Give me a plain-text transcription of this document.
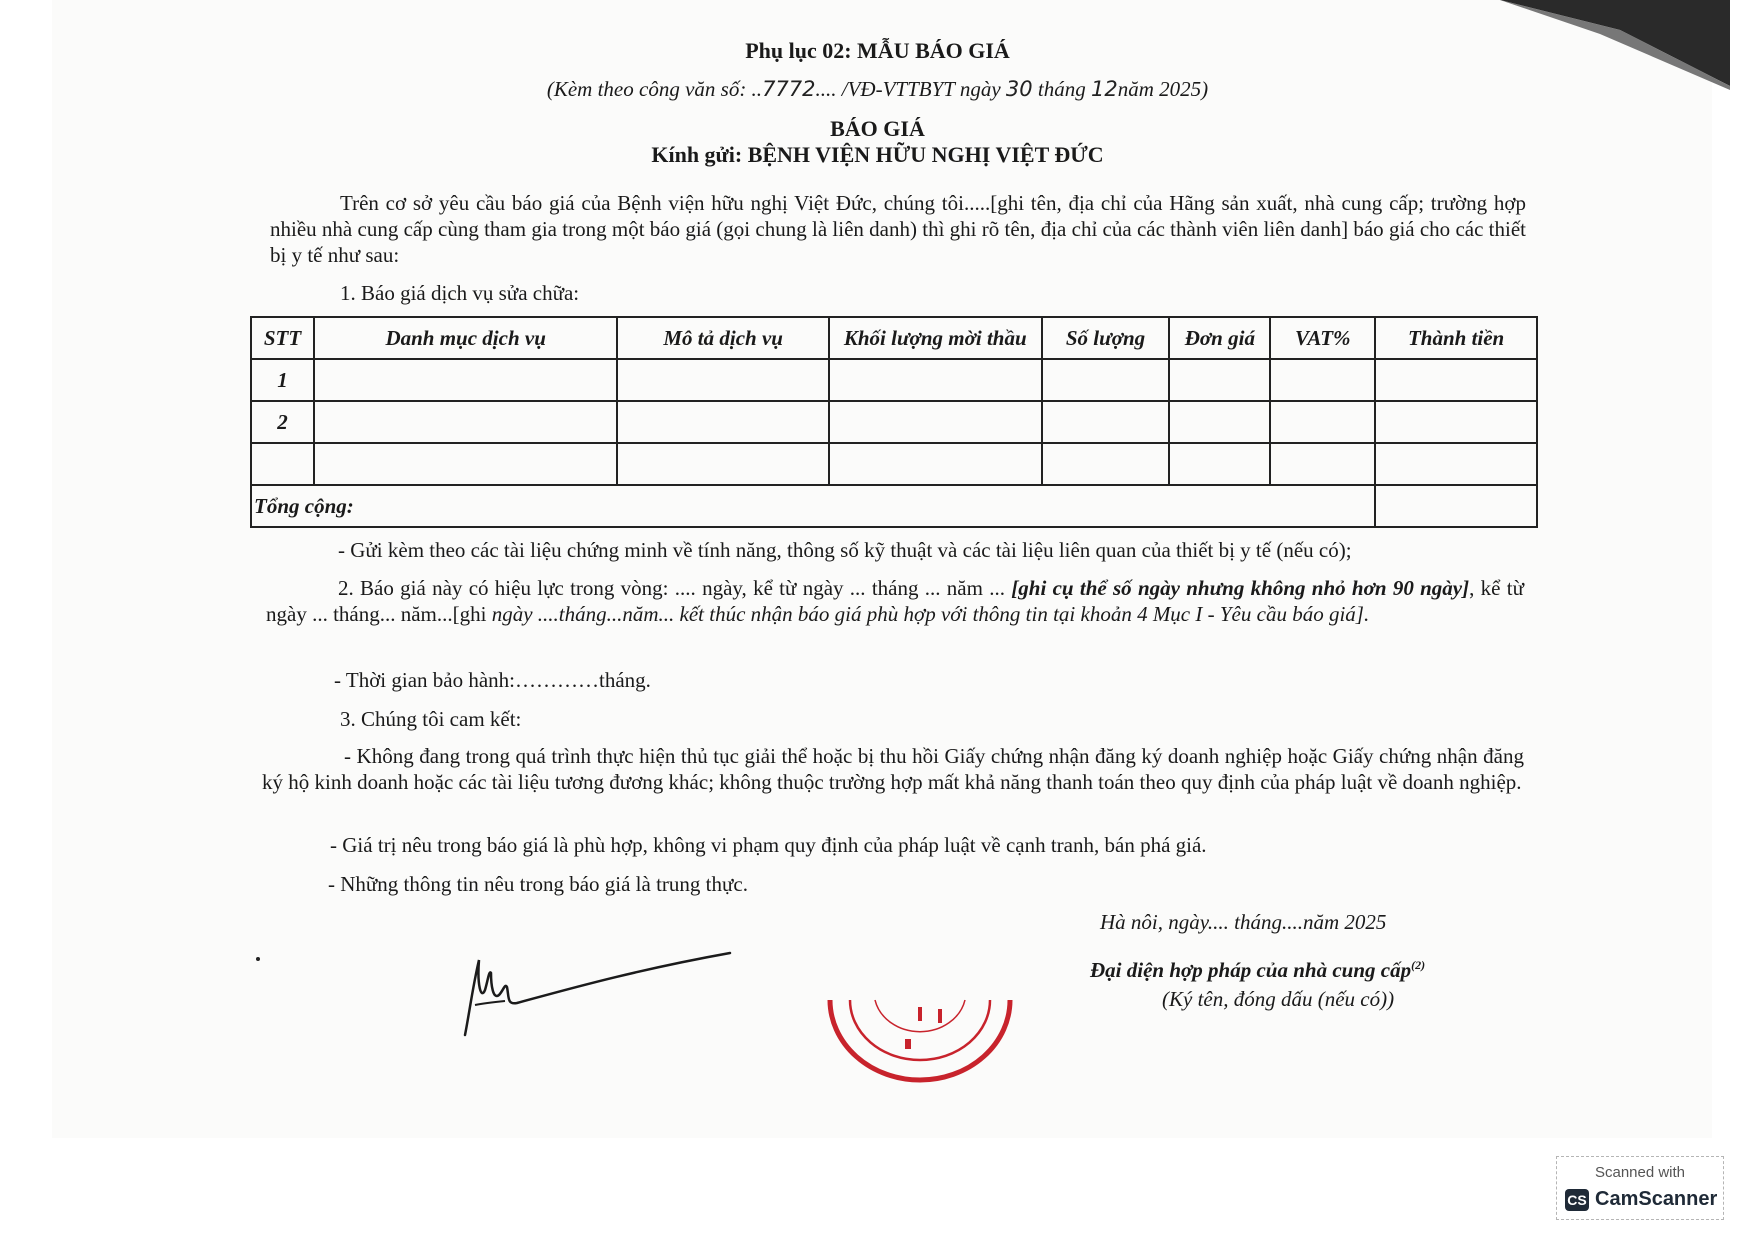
Phụ lục 02: MẪU BÁO GIÁ
(Kèm theo công văn số: ..7772.... /VĐ-VTTBYT ngày 30 tháng 12năm 2025)
BÁO GIÁ
Kính gửi: BỆNH VIỆN HỮU NGHỊ VIỆT ĐỨC
Trên cơ sở yêu cầu báo giá của Bệnh viện hữu nghị Việt Đức, chúng tôi.....[ghi tên, địa chỉ của Hãng sản xuất, nhà cung cấp; trường hợp nhiều nhà cung cấp cùng tham gia trong một báo giá (gọi chung là liên danh) thì ghi rõ tên, địa chỉ của các thành viên liên danh] báo giá cho các thiết bị y tế như sau:
1. Báo giá dịch vụ sửa chữa:
STT	Danh mục dịch vụ	Mô tả dịch vụ	Khối lượng mời thầu	Số lượng	Đơn giá	VAT%	Thành tiền
1							
2							

Tổng cộng:							
- Gửi kèm theo các tài liệu chứng minh về tính năng, thông số kỹ thuật và các tài liệu liên quan của thiết bị y tế (nếu có);
2. Báo giá này có hiệu lực trong vòng: .... ngày, kể từ ngày ... tháng ... năm ... [ghi cụ thể số ngày nhưng không nhỏ hơn 90 ngày], kể từ ngày ... tháng... năm...[ghi ngày ....tháng...năm... kết thúc nhận báo giá phù hợp với thông tin tại khoản 4 Mục I - Yêu cầu báo giá].
- Thời gian bảo hành:…………tháng.
3. Chúng tôi cam kết:
- Không đang trong quá trình thực hiện thủ tục giải thể hoặc bị thu hồi Giấy chứng nhận đăng ký doanh nghiệp hoặc Giấy chứng nhận đăng ký hộ kinh doanh hoặc các tài liệu tương đương khác; không thuộc trường hợp mất khả năng thanh toán theo quy định của pháp luật về doanh nghiệp.
- Giá trị nêu trong báo giá là phù hợp, không vi phạm quy định của pháp luật về cạnh tranh, bán phá giá.
- Những thông tin nêu trong báo giá là trung thực.
Hà nôi, ngày.... tháng....năm 2025
Đại diện hợp pháp của nhà cung cấp$^{(2)}$
(Ký tên, đóng dấu (nếu có))
Scanned with
CS CamScanner
